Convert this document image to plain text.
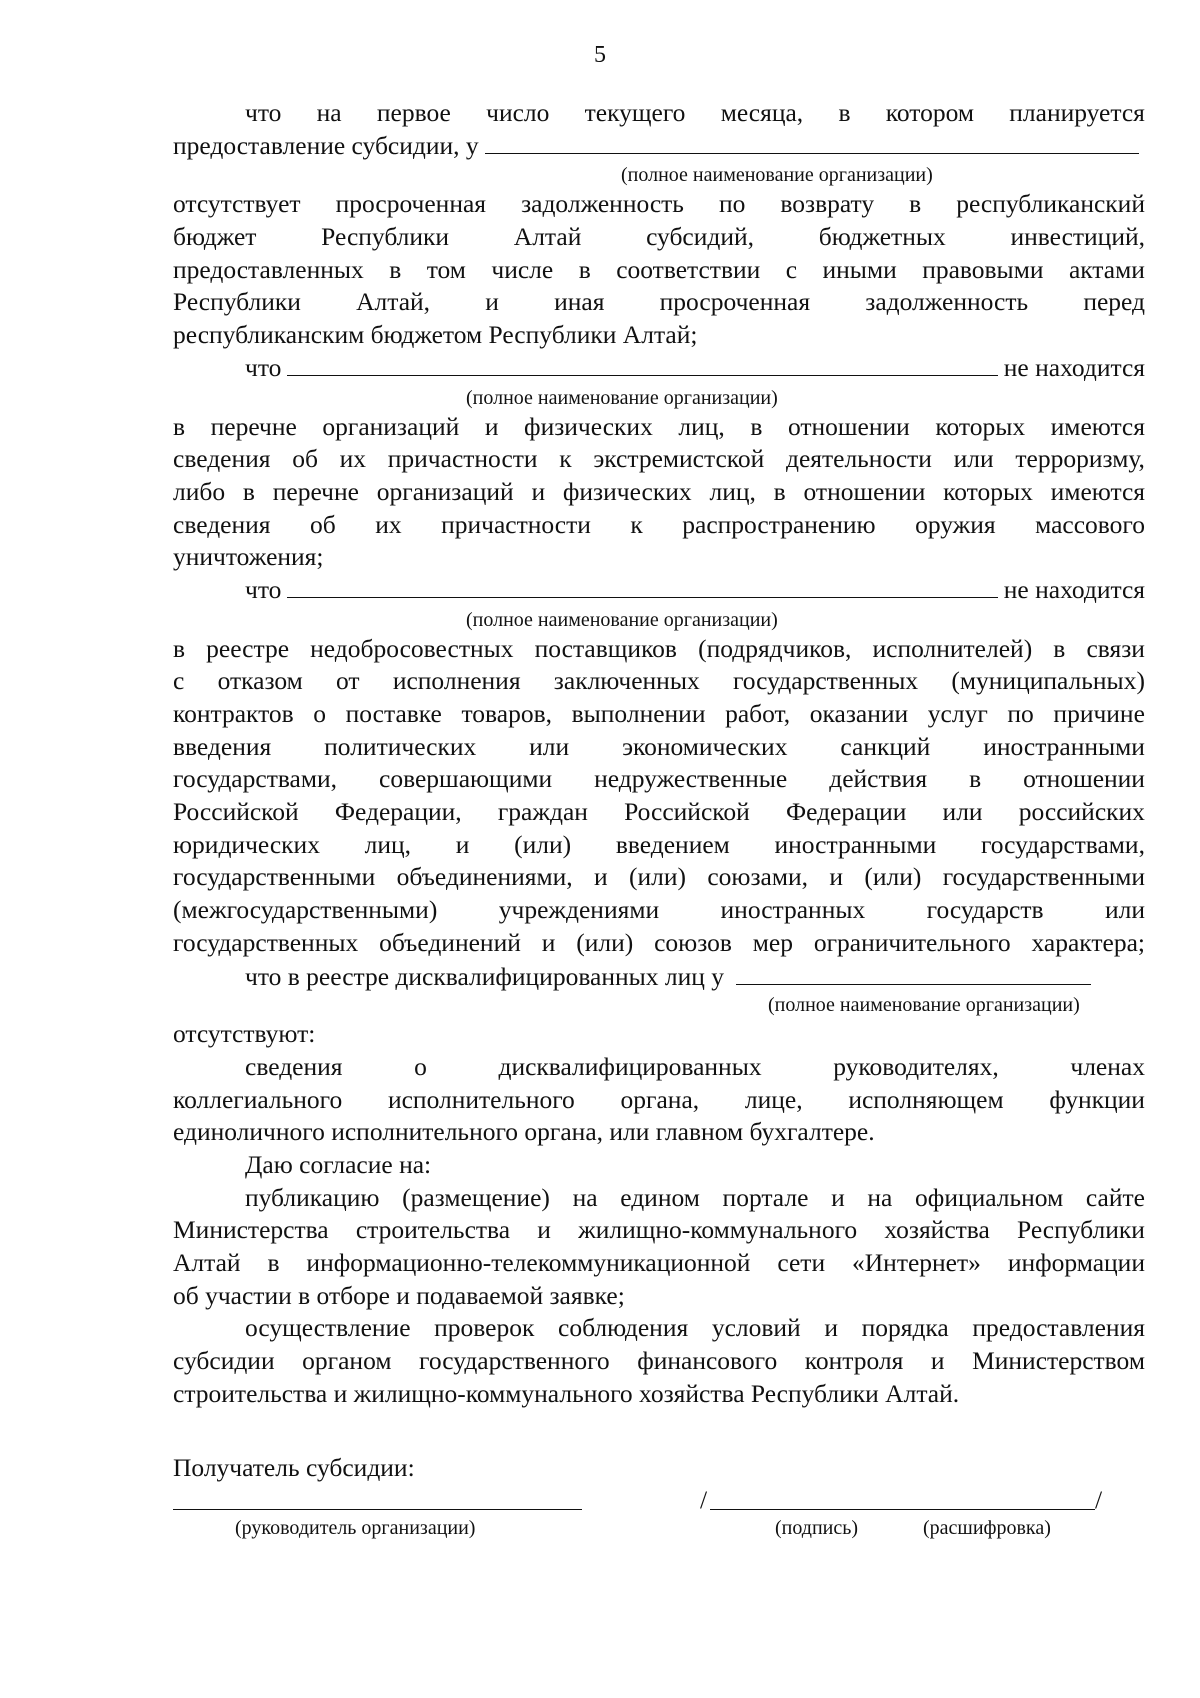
5
что на первое число текущего месяца, в котором планируется
предоставление субсидии, у
(полное наименование организации)
отсутствует просроченная задолженность по возврату в республиканский
бюджет	Республики	Алтай	субсидий,	бюджетных	инвестиций,
предоставленных в том числе в соответствии с иными правовыми актами
Республики Алтай, и иная просроченная задолженность перед
республиканским бюджетом Республики Алтай;
что	не находится
(полное наименование организации)
в перечне организаций и физических лиц, в отношении которых имеются
сведения об их причастности к экстремистской деятельности или терроризму,
либо в перечне организаций и физических лиц, в отношении которых имеются
сведения об их причастности к распространению оружия массового
уничтожения;
что	не находится
(полное наименование организации)
в реестре недобросовестных поставщиков (подрядчиков, исполнителей) в связи
с отказом от исполнения заключенных государственных (муниципальных)
контрактов о поставке товаров, выполнении работ, оказании услуг по причине
введения политических или экономических санкций иностранными
государствами, совершающими недружественные действия в отношении
Российской Федерации, граждан Российской Федерации или российских
юридических лиц, и (или) введением иностранными государствами,
государственными объединениями, и (или) союзами, и (или) государственными
(межгосударственными) учреждениями иностранных государств или
государственных объединений и (или) союзов мер ограничительного характера;
что в реестре дисквалифицированных лиц у
(полное наименование организации)
отсутствуют:
сведения	о	дисквалифицированных	руководителях,	членах
коллегиального исполнительного органа, лице, исполняющем функции
единоличного исполнительного органа, или главном бухгалтере.
Даю согласие на:
публикацию (размещение) на едином портале и на официальном сайте
Министерства строительства и жилищно-коммунального хозяйства Республики
Алтай в информационно-телекоммуникационной сети «Интернет» информации
об участии в отборе и подаваемой заявке;
осуществление проверок соблюдения условий и порядка предоставления
субсидии органом государственного финансового контроля и Министерством
строительства и жилищно-коммунального хозяйства Республики Алтай.
Получатель субсидии:
/	/
(руководитель организации)	(подпись)	(расшифровка)
